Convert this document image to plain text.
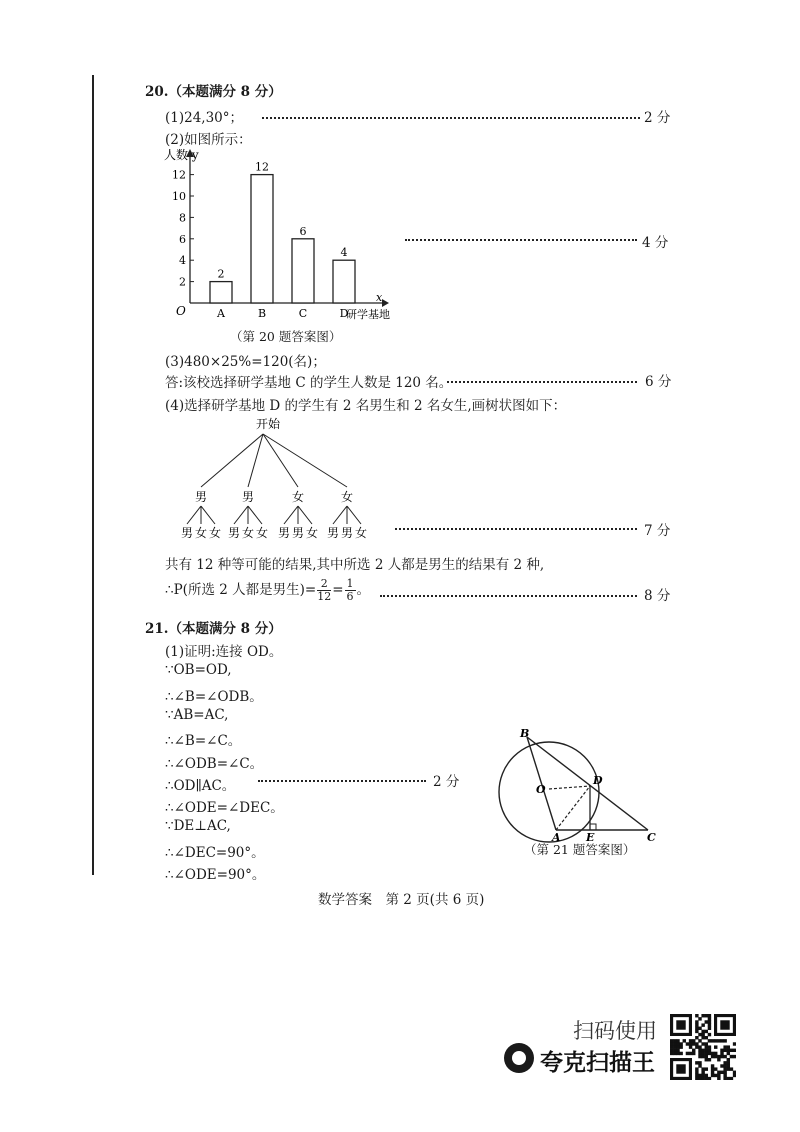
20.（本题满分 8 分）
(1)24,30°；	2 分
(2)如图所示：
人数 y
x
研学基地
O
2
4
6
8
10
12
2
A
12
B
6
C
4
D
4 分
（第 20 题答案图）
(3)480×25%=120(名)；
答:该校选择研学基地 C 的学生人数是 120 名。	6 分
(4)选择研学基地 D 的学生有 2 名男生和 2 名女生,画树状图如下：
开始
男
男 女 女
男
男 女 女
女
男 男 女
女
男 男 女	7 分
共有 12 种等可能的结果,其中所选 2 人都是男生的结果有 2 种,
∴P(所选 2 人都是男生)= $\frac{2}{12} = \frac{1}{6}$ 。	8 分
21.（本题满分 8 分）
(1)证明:连接 OD。
∵OB=OD,
∴∠B=∠ODB。
∵AB=AC,
∴∠B=∠C。
∴∠ODB=∠C。
∴OD∥AC。
∴∠ODE=∠DEC。
∵DE⊥AC,
∴∠DEC=90°。
∴∠ODE=90°。
2 分
B
O
D
A E	C
（第 21 题答案图）
数学答案　第 2 页(共 6 页)
扫码使用
夸克扫描王
